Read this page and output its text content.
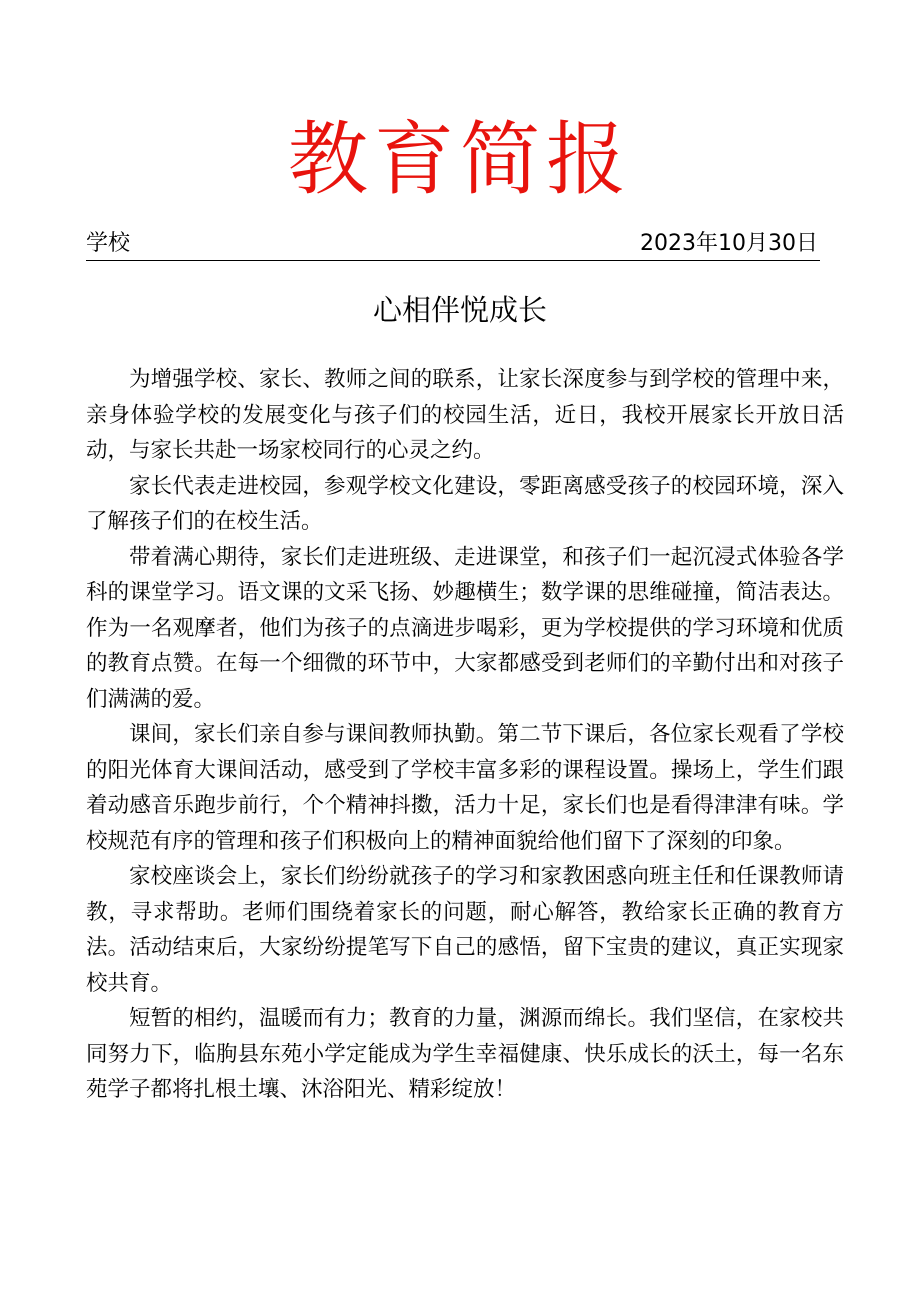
教育简报
学校	2023年10月30日
心相伴悦成长

为增强学校、家长、教师之间的联系，让家长深度参与到学校的管理中来，亲身体验学校的发展变化与孩子们的校园生活，近日，我校开展家长开放日活动，与家长共赴一场家校同行的心灵之约。

家长代表走进校园，参观学校文化建设，零距离感受孩子的校园环境，深入了解孩子们的在校生活。

带着满心期待，家长们走进班级、走进课堂，和孩子们一起沉浸式体验各学科的课堂学习。语文课的文采飞扬、妙趣横生；数学课的思维碰撞，简洁表达。作为一名观摩者，他们为孩子的点滴进步喝彩，更为学校提供的学习环境和优质的教育点赞。在每一个细微的环节中，大家都感受到老师们的辛勤付出和对孩子们满满的爱。

课间，家长们亲自参与课间教师执勤。第二节下课后，各位家长观看了学校的阳光体育大课间活动，感受到了学校丰富多彩的课程设置。操场上，学生们跟着动感音乐跑步前行，个个精神抖擞，活力十足，家长们也是看得津津有味。学校规范有序的管理和孩子们积极向上的精神面貌给他们留下了深刻的印象。

家校座谈会上，家长们纷纷就孩子的学习和家教困惑向班主任和任课教师请教，寻求帮助。老师们围绕着家长的问题，耐心解答，教给家长正确的教育方法。活动结束后，大家纷纷提笔写下自己的感悟，留下宝贵的建议，真正实现家校共育。

短暂的相约，温暖而有力；教育的力量，渊源而绵长。我们坚信，在家校共同努力下，临朐县东苑小学定能成为学生幸福健康、快乐成长的沃土，每一名东苑学子都将扎根土壤、沐浴阳光、精彩绽放！
